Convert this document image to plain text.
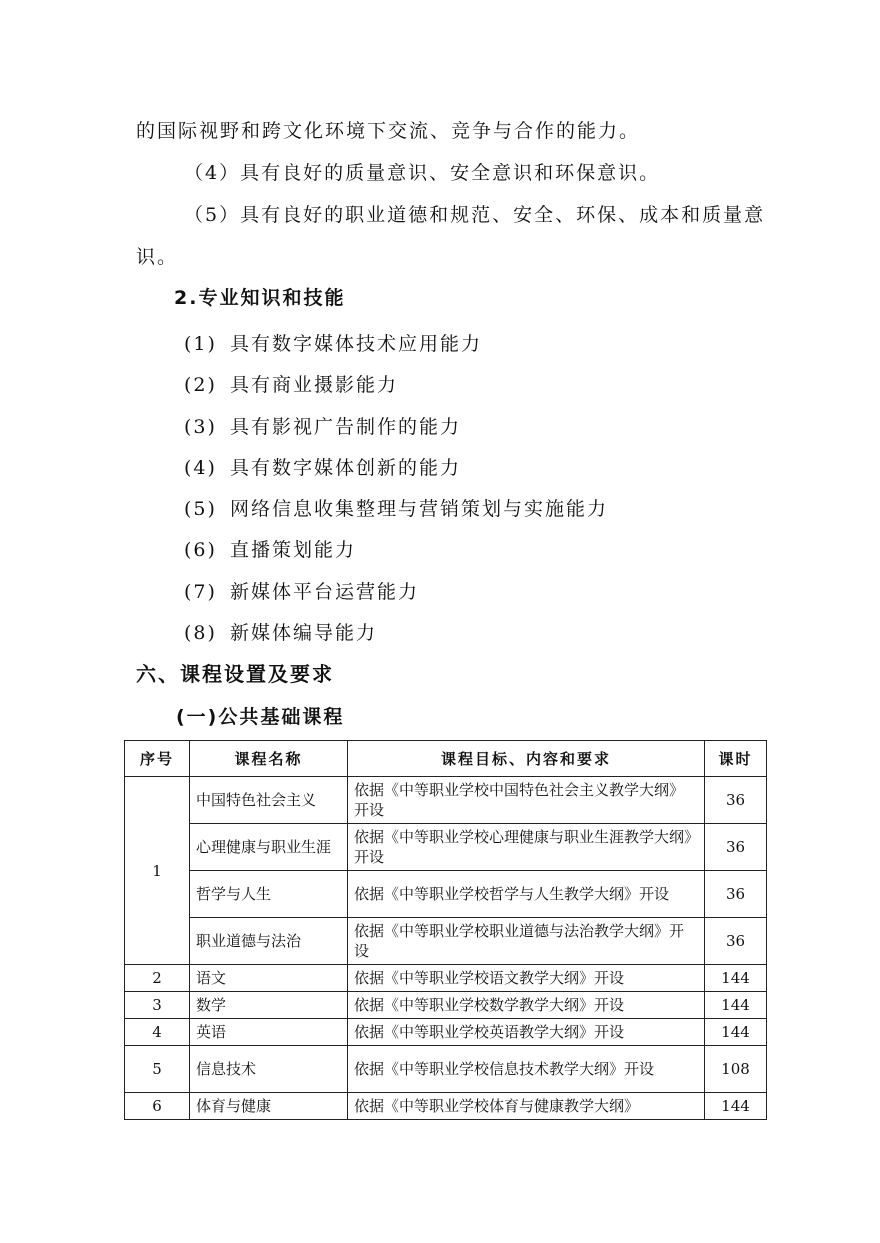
的国际视野和跨文化环境下交流、竞争与合作的能力。
（4）具有良好的质量意识、安全意识和环保意识。
（5）具有良好的职业道德和规范、安全、环保、成本和质量意
识。
2.专业知识和技能
(1) 具有数字媒体技术应用能力
(2) 具有商业摄影能力
(3) 具有影视广告制作的能力
(4) 具有数字媒体创新的能力
(5) 网络信息收集整理与营销策划与实施能力
(6) 直播策划能力
(7) 新媒体平台运营能力
(8) 新媒体编导能力
六、课程设置及要求
(一)公共基础课程
序号	课程名称	课程目标、内容和要求	课时
1	中国特色社会主义	依据《中等职业学校中国特色社会主义教学大纲》开设	36
	心理健康与职业生涯	依据《中等职业学校心理健康与职业生涯教学大纲》开设	36
	哲学与人生	依据《中等职业学校哲学与人生教学大纲》开设	36
	职业道德与法治	依据《中等职业学校职业道德与法治教学大纲》开设	36
2	语文	依据《中等职业学校语文教学大纲》开设	144
3	数学	依据《中等职业学校数学教学大纲》开设	144
4	英语	依据《中等职业学校英语教学大纲》开设	144
5	信息技术	依据《中等职业学校信息技术教学大纲》开设	108
6	体育与健康	依据《中等职业学校体育与健康教学大纲》	144
